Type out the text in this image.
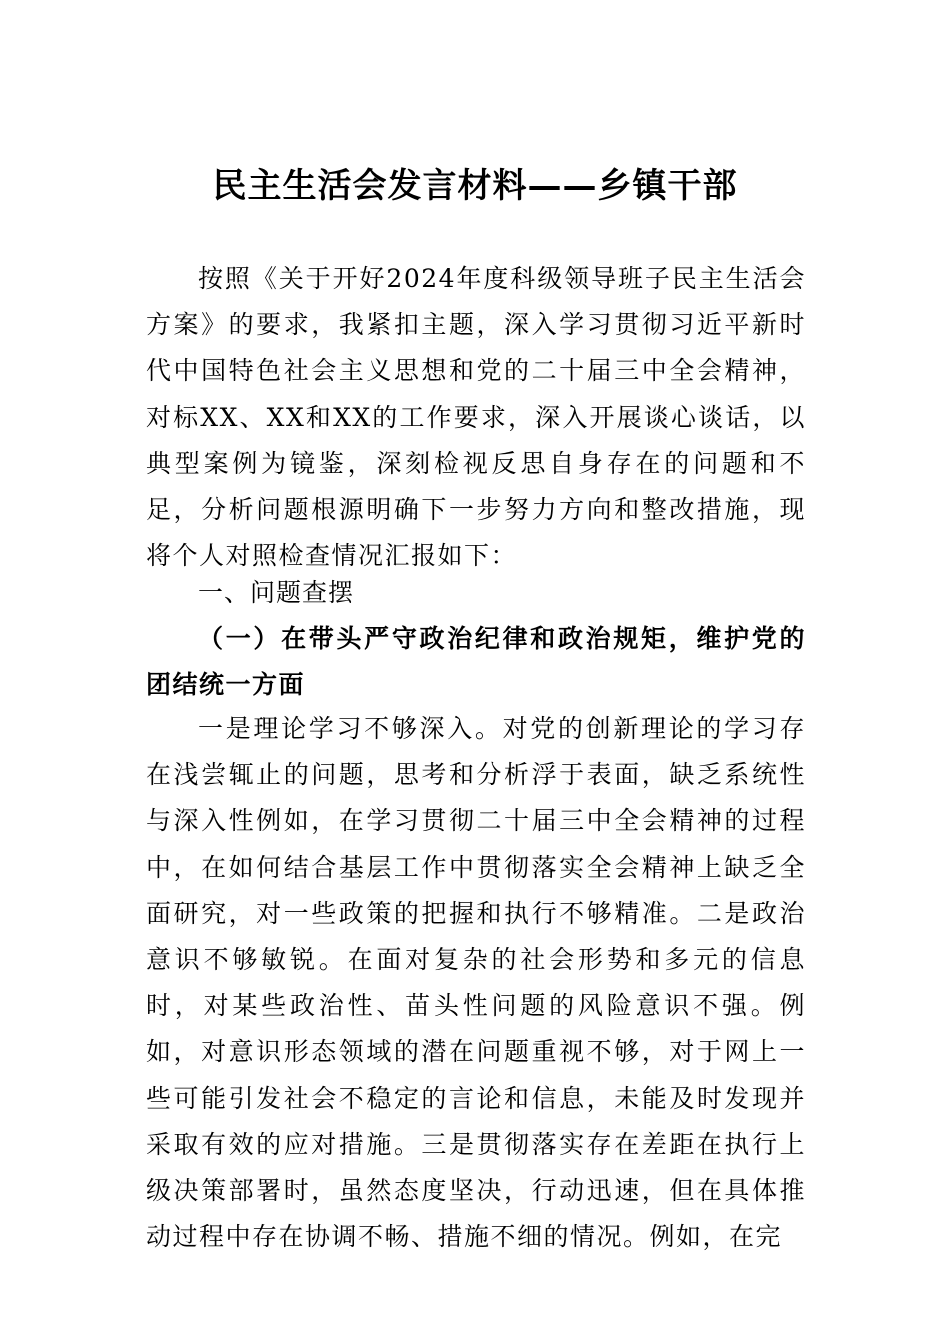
民主生活会发言材料——乡镇干部

按照《关于开好2024年度科级领导班子民主生活会方案》的要求，我紧扣主题，深入学习贯彻习近平新时代中国特色社会主义思想和党的二十届三中全会精神，对标XX、XX和XX的工作要求，深入开展谈心谈话，以典型案例为镜鉴，深刻检视反思自身存在的问题和不足，分析问题根源明确下一步努力方向和整改措施，现将个人对照检查情况汇报如下：

一、问题查摆
（一）在带头严守政治纪律和政治规矩，维护党的团结统一方面

一是理论学习不够深入。对党的创新理论的学习存在浅尝辄止的问题，思考和分析浮于表面，缺乏系统性与深入性例如，在学习贯彻二十届三中全会精神的过程中，在如何结合基层工作中贯彻落实全会精神上缺乏全面研究，对一些政策的把握和执行不够精准。二是政治意识不够敏锐。在面对复杂的社会形势和多元的信息时，对某些政治性、苗头性问题的风险意识不强。例如，对意识形态领域的潜在问题重视不够，对于网上一些可能引发社会不稳定的言论和信息，未能及时发现并采取有效的应对措施。三是贯彻落实存在差距在执行上级决策部署时，虽然态度坚决，行动迅速，但在具体推动过程中存在协调不畅、措施不细的情况。例如，在完
